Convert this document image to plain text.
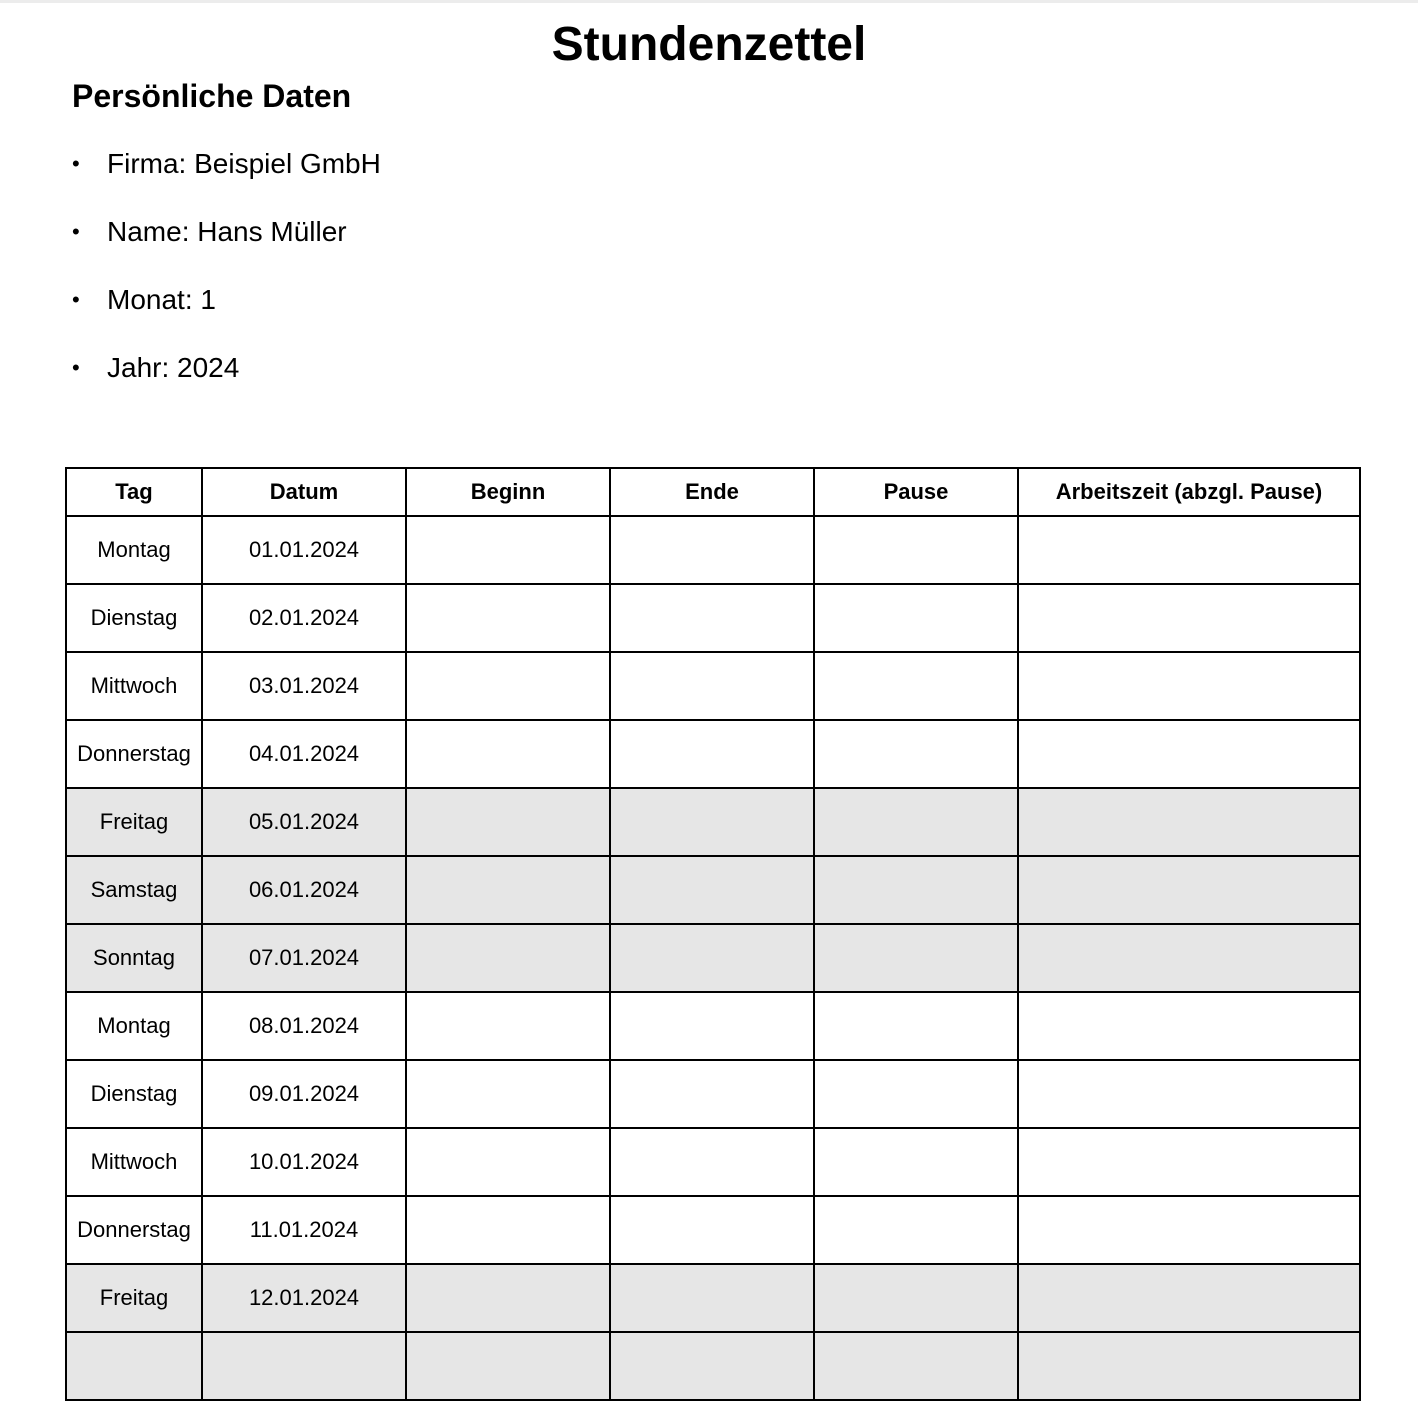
Stundenzettel
Persönliche Daten
• Firma: Beispiel GmbH
• Name: Hans Müller
• Monat: 1
• Jahr: 2024
Tag	Datum	Beginn	Ende	Pause	Arbeitszeit (abzgl. Pause)
Montag	01.01.2024				
Dienstag	02.01.2024				
Mittwoch	03.01.2024				
Donnerstag	04.01.2024				
Freitag	05.01.2024				
Samstag	06.01.2024				
Sonntag	07.01.2024				
Montag	08.01.2024				
Dienstag	09.01.2024				
Mittwoch	10.01.2024				
Donnerstag	11.01.2024				
Freitag	12.01.2024				
